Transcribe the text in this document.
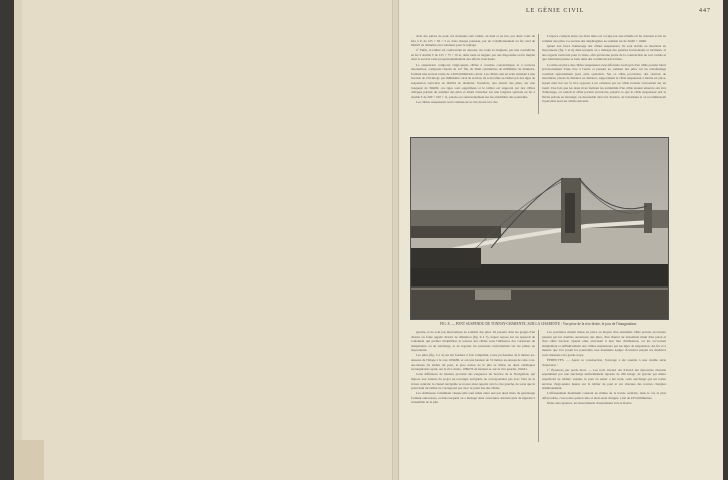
LE GÉNIE CIVIL	447

droit des pièces de pont; les montants sont réunis, en haut et en bas, par deux cours de fers à U de 125 × 50 × 5 et, dans chaque panneau, par un croisillonnement en fer rond de 0m025 de diamètre avec tendeurs pour le réglage.

2º Enfin, le tablier est contreventé en dessous, sur toute sa longueur, par une contrefiche en fer à double T de 125 × 75 × 10 et, dans toute sa largeur, par des diagonales en fer méplat dont la section varie proportionnellement aux efforts tranchants.

La suspension comporte vingt-quatre câbles à couches concentriques et à torsions alternatives, composés chacun de 127 fils, de 3mm centimètres de millimètre de diamètre, formant une section totale de 1.200 millimètres carrés. Les câbles sont en acier résistant à une traction de 150 kilogr. par millimètre carré de section; ils sont reliés au tablier par des tiges de suspension verticales de 0m024 de diamètre. Toutefois, aux abords des piles, sur une longueur de 30m00, ces tiges sont supprimées et le tablier est supporté par des câbles obliques partant du sommet des piles et allant s'attacher sur une longrine spéciale en fer à double T de 200 × 100 × 11, placée en contreventement sur les extrémités des poutrelles.

Les câbles suspenseurs sont continus de la rive droite à la rive

L'espace compris entre ces deux murs est occupé par une échelle en fer donnant accès au sommet des piles. La section des diaphragmes au sommet est de 2m40 × 1m90.

Quant aux blocs d'amarrage des câbles suspenseurs, ils sont établis en moellons en maçonnerie (fig. 5 et 6) dans lesquels on a ménagé des galeries horizontales et inclinées, et des regards verticaux pour la visite, afin qu'aucune partie de la construction ne soit cachée et que l'entretien puisse se faire dans des conditions très faciles.

La mise en place des câbles suspenseurs s'est effectuée au moyen d'un câble porteur lancé provisoirement d'une rive à l'autre et passant au sommet des piles sur un échafaudage construit spécialement pour cette opération. Sur ce câble provisoire, des chariots de lancement, placés de distance en distance, supportaient le câble suspenseur à mettre en place, lequel était tiré sur la rive opposée à un cabestan par un câble tracteur s'enroulant sur un treuil. Une fois que les deux rives formant les extrémités d'un câble étaient amarrés aux fers d'amarrage, on roulait le câble porteur provisoire, jusqu'à ce que le câble suspenseur prît la flèche prévue au montage; on descendait alors les chariots, de lancement et on recommençait l'opération pour les câbles suivants.

FIG. 8. — PONT SUSPENDU DE TONNAY-CHARENTE, SUR LA CHARENTE : Vue prise de la rive droite, le jour de l'inauguration.

gauche, et ne sont pas interrompus au sommet des piles. Ils passent dans les gorges d'un chariot en fonte appelé chariot de dilatation (fig. 9 à 7), lequel repose sur un appareil de roulement qui permet d'équilibrer la tension des câbles sous l'influence des variations de température ou de surcharge, et de reporter les pressions verticalement sur les piliers en maçonnerie.

Les piles (fig. 3 à 4) ont été fondées à l'air comprimé, à une profondeur de 6 mètres au-dessous de l'étiage à la cote 103m80, et ont une hauteur de 31 mètres au-dessus de cette cote. Au-dessus du tablier du pont, le gros œuvre de la pile se divise en deux obélisques rectangulaires ayant, sur la rive droite, 108m76 de hauteur et, sur la rive gauche, 25m31.

Cette différence de hauteur provient des exigences du Service de la Navigation, qui impose aux auteurs du projet un rectangle navigable ne correspondant pas avec l'axe de la travée centrale; le chenal navigable se trouve ainsi reporté vers la rive gauche, de sorte que le point haut du tablier ne correspond pas avec le point bas des câbles.

Les obélisques constituant chaque pile sont reliés entre eux par deux murs de garnissage formant entretoises, et dans lesquels on a ménagé deux ouvertures donnant plus de légèreté à l'ensemble de la pile.

Les poutrelles étaient mises en place au moyen d'un deuxième câble porteur provisoire passant par les doubles ouvertures des piles, d'un chariot de lancement muni d'un palan et d'un câble tracteur. Quand elles arrivaient à leur lieu d'utilisation, on les accrochait simplement et définitivement aux câbles suspenseurs par les tiges de suspension. Au fur et à mesure que l'on posait les poutrelles, une deuxième équipe d'ouvriers plaçait les madriers sous chaussée et le garde-corps.

ÉPREUVES. — Après sa construction, l'ouvrage a été soumis à une double série d'épreuves :

1º Épreuves par poids mort. — Les trois travées ont d'abord été éprouvées chacune séparément par une surcharge uniformément répartie de 200 kilogr. de gravier par mètre superficiel de tablier; ensuite, le pont en entier a été isolé, cette surcharge qui est restée environ vingt-quatre heures sur le tablier du pont et sur chacune des travées chargées simultanément.

L'affaissement maximum constaté au milieu de la travée centrale, dans le cas le plus défavorable, c'est-à-dire quand celle-ci était seule chargée, a été de 435 millimètres.

Dans cette épreuve, les mouvements d'assurement vers le fleuve
